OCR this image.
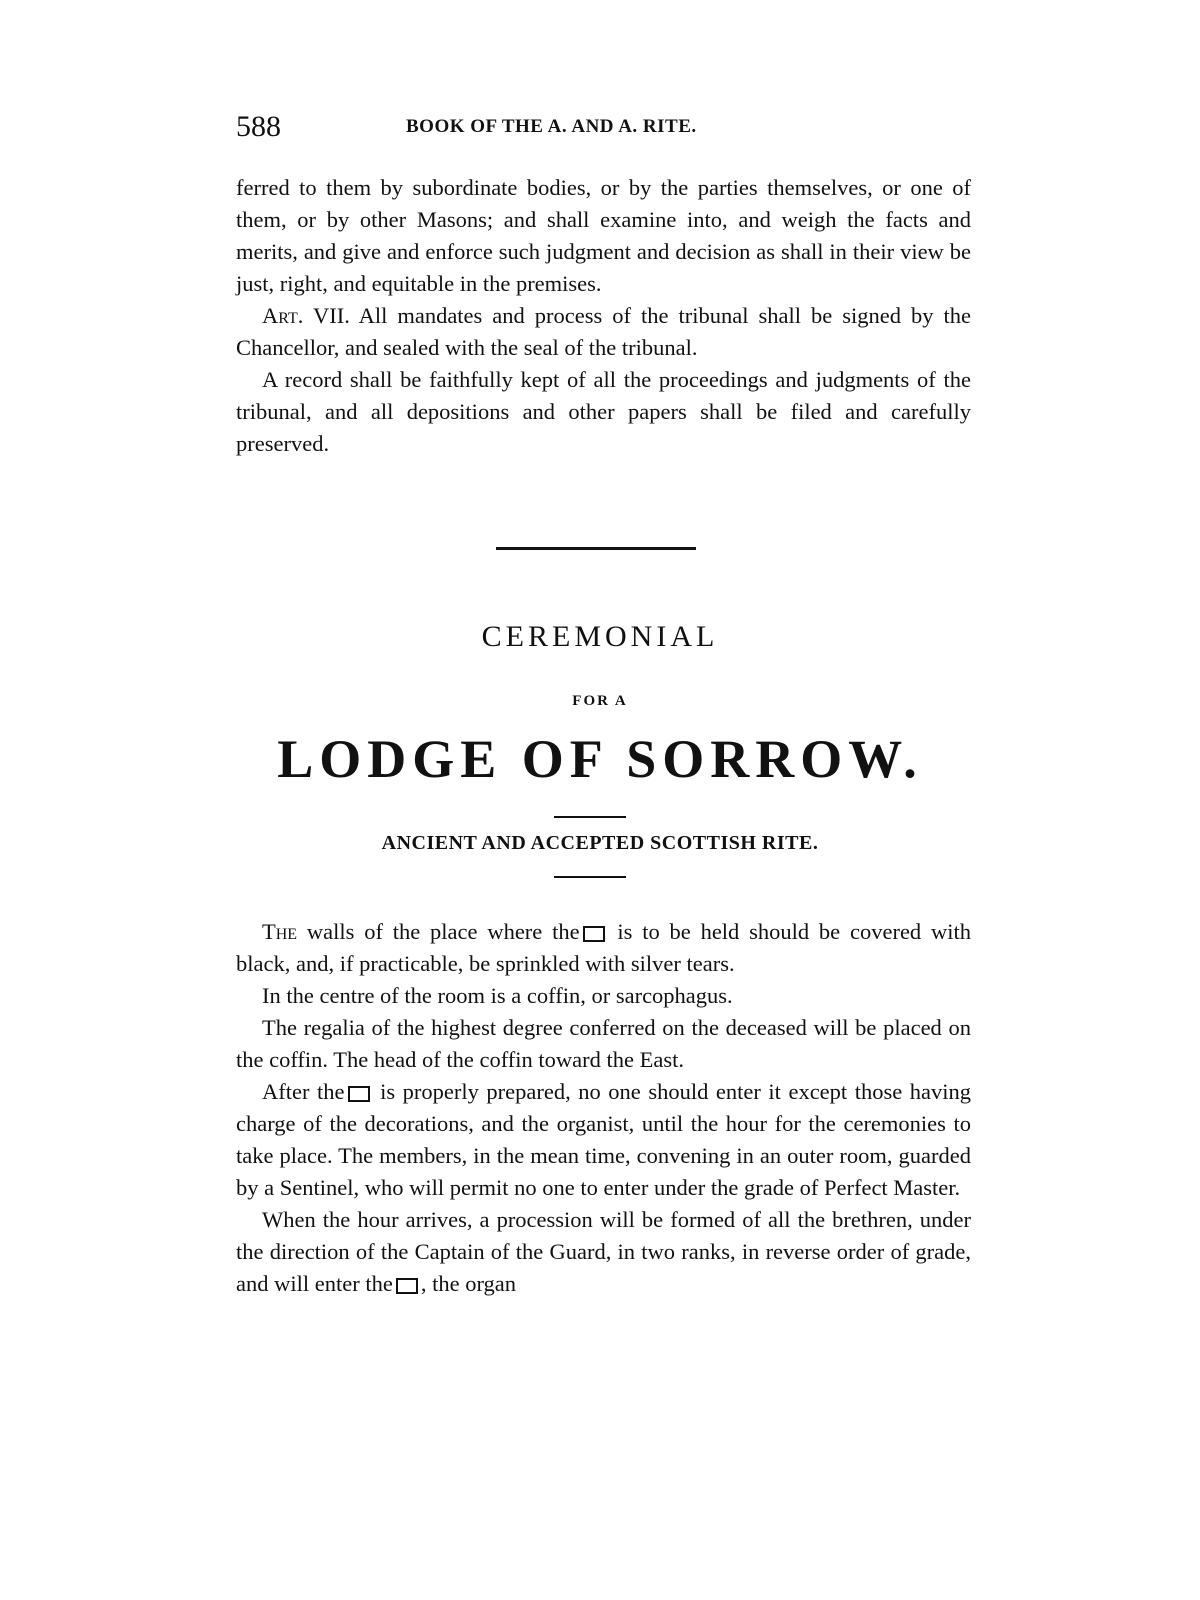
588	BOOK OF THE A. AND A. RITE.

ferred to them by subordinate bodies, or by the parties themselves, or one of them, or by other Masons; and shall examine into, and weigh the facts and merits, and give and enforce such judgment and decision as shall in their view be just, right, and equitable in the premises.

Art. VII. All mandates and process of the tribunal shall be signed by the Chancellor, and sealed with the seal of the tribunal.

A record shall be faithfully kept of all the proceedings and judgments of the tribunal, and all depositions and other papers shall be filed and carefully preserved.

CEREMONIAL
FOR A
LODGE OF SORROW.
ANCIENT AND ACCEPTED SCOTTISH RITE.

The walls of the place where the is to be held should be covered with black, and, if practicable, be sprinkled with silver tears.

In the centre of the room is a coffin, or sarcophagus.

The regalia of the highest degree conferred on the deceased will be placed on the coffin. The head of the coffin toward the East.

After the is properly prepared, no one should enter it except those having charge of the decorations, and the organist, until the hour for the ceremonies to take place. The members, in the mean time, convening in an outer room, guarded by a Sentinel, who will permit no one to enter under the grade of Perfect Master.

When the hour arrives, a procession will be formed of all the brethren, under the direction of the Captain of the Guard, in two ranks, in reverse order of grade, and will enter the , the organ
